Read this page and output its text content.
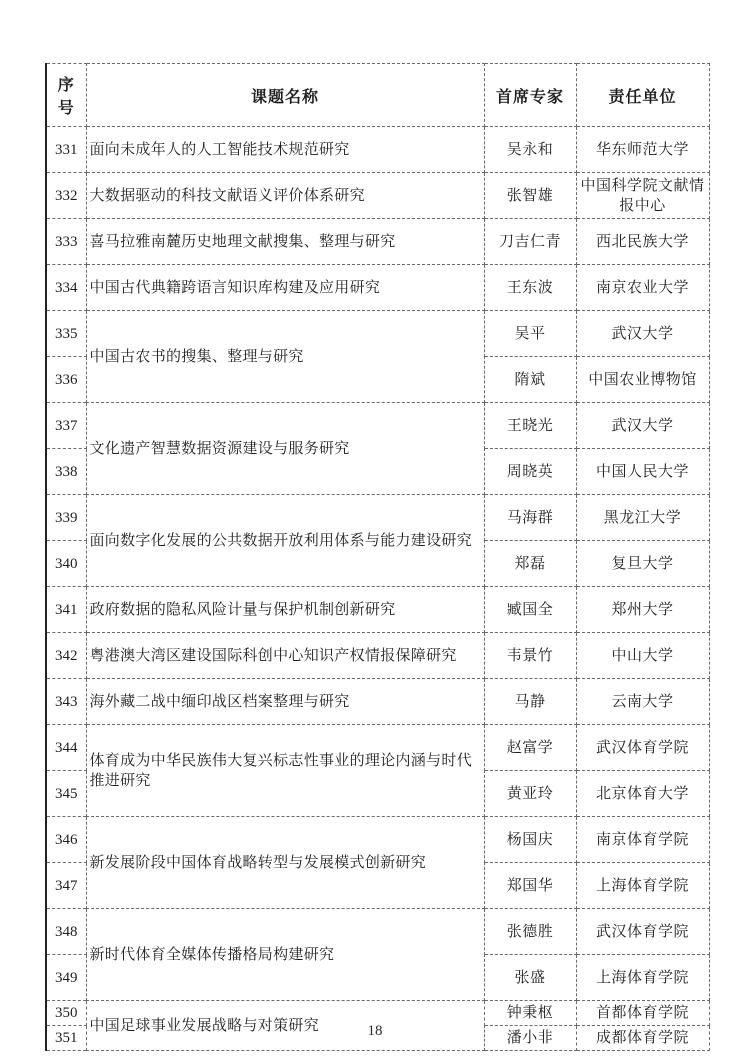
序号	课题名称	首席专家	责任单位
331	面向未成年人的人工智能技术规范研究	吴永和	华东师范大学
332	大数据驱动的科技文献语义评价体系研究	张智雄	中国科学院文献情报中心
333	喜马拉雅南麓历史地理文献搜集、整理与研究	刀吉仁青	西北民族大学
334	中国古代典籍跨语言知识库构建及应用研究	王东波	南京农业大学
335	中国古农书的搜集、整理与研究	吴平	武汉大学
336		隋斌	中国农业博物馆
337	文化遗产智慧数据资源建设与服务研究	王晓光	武汉大学
338		周晓英	中国人民大学
339	面向数字化发展的公共数据开放利用体系与能力建设研究	马海群	黑龙江大学
340		郑磊	复旦大学
341	政府数据的隐私风险计量与保护机制创新研究	臧国全	郑州大学
342	粤港澳大湾区建设国际科创中心知识产权情报保障研究	韦景竹	中山大学
343	海外藏二战中缅印战区档案整理与研究	马静	云南大学
344	体育成为中华民族伟大复兴标志性事业的理论内涵与时代推进研究	赵富学	武汉体育学院
345		黄亚玲	北京体育大学
346	新发展阶段中国体育战略转型与发展模式创新研究	杨国庆	南京体育学院
347		郑国华	上海体育学院
348	新时代体育全媒体传播格局构建研究	张德胜	武汉体育学院
349		张盛	上海体育学院
350	中国足球事业发展战略与对策研究	钟秉枢	首都体育学院
351		潘小非	成都体育学院
18
